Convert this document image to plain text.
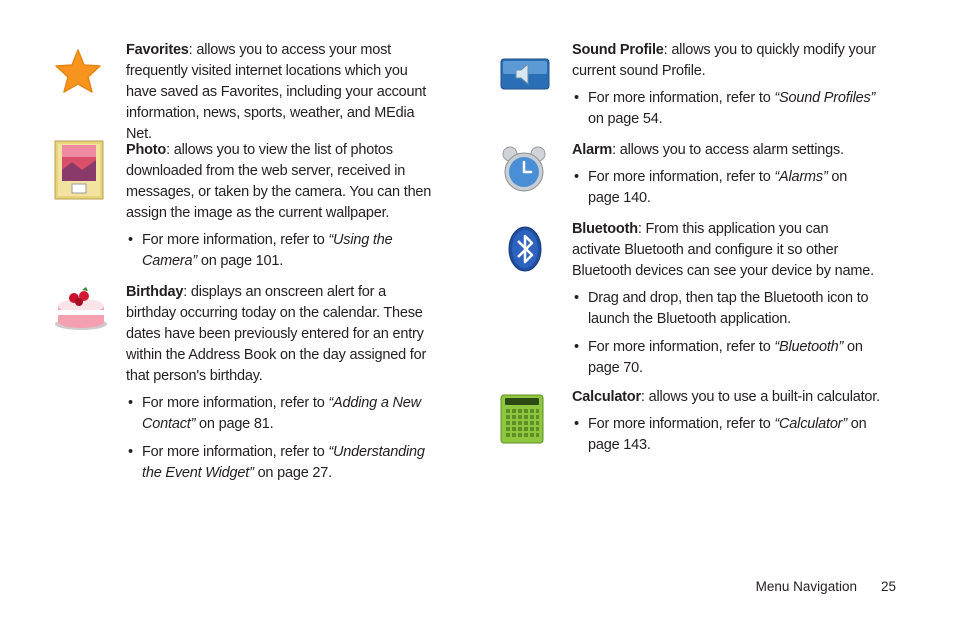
Favorites: allows you to access your most frequently visited internet locations which you have saved as Favorites, including your account information, news, sports, weather, and MEdia Net.

Photo: allows you to view the list of photos downloaded from the web server, received in messages, or taken by the camera. You can then assign the image as the current wallpaper.

• For more information, refer to “Using the Camera” on page 101.

Birthday: displays an onscreen alert for a birthday occurring today on the calendar. These dates have been previously entered for an entry within the Address Book on the day assigned for that person's birthday.

• For more information, refer to “Adding a New Contact” on page 81.
• For more information, refer to “Understanding the Event Widget” on page 27.

Sound Profile: allows you to quickly modify your current sound Profile.

• For more information, refer to “Sound Profiles” on page 54.

Alarm: allows you to access alarm settings.

• For more information, refer to “Alarms” on page 140.

Bluetooth: From this application you can activate Bluetooth and configure it so other Bluetooth devices can see your device by name.

• Drag and drop, then tap the Bluetooth icon to launch the Bluetooth application.
• For more information, refer to “Bluetooth” on page 70.

Calculator: allows you to use a built-in calculator.

• For more information, refer to “Calculator” on page 143.
Menu Navigation 25
